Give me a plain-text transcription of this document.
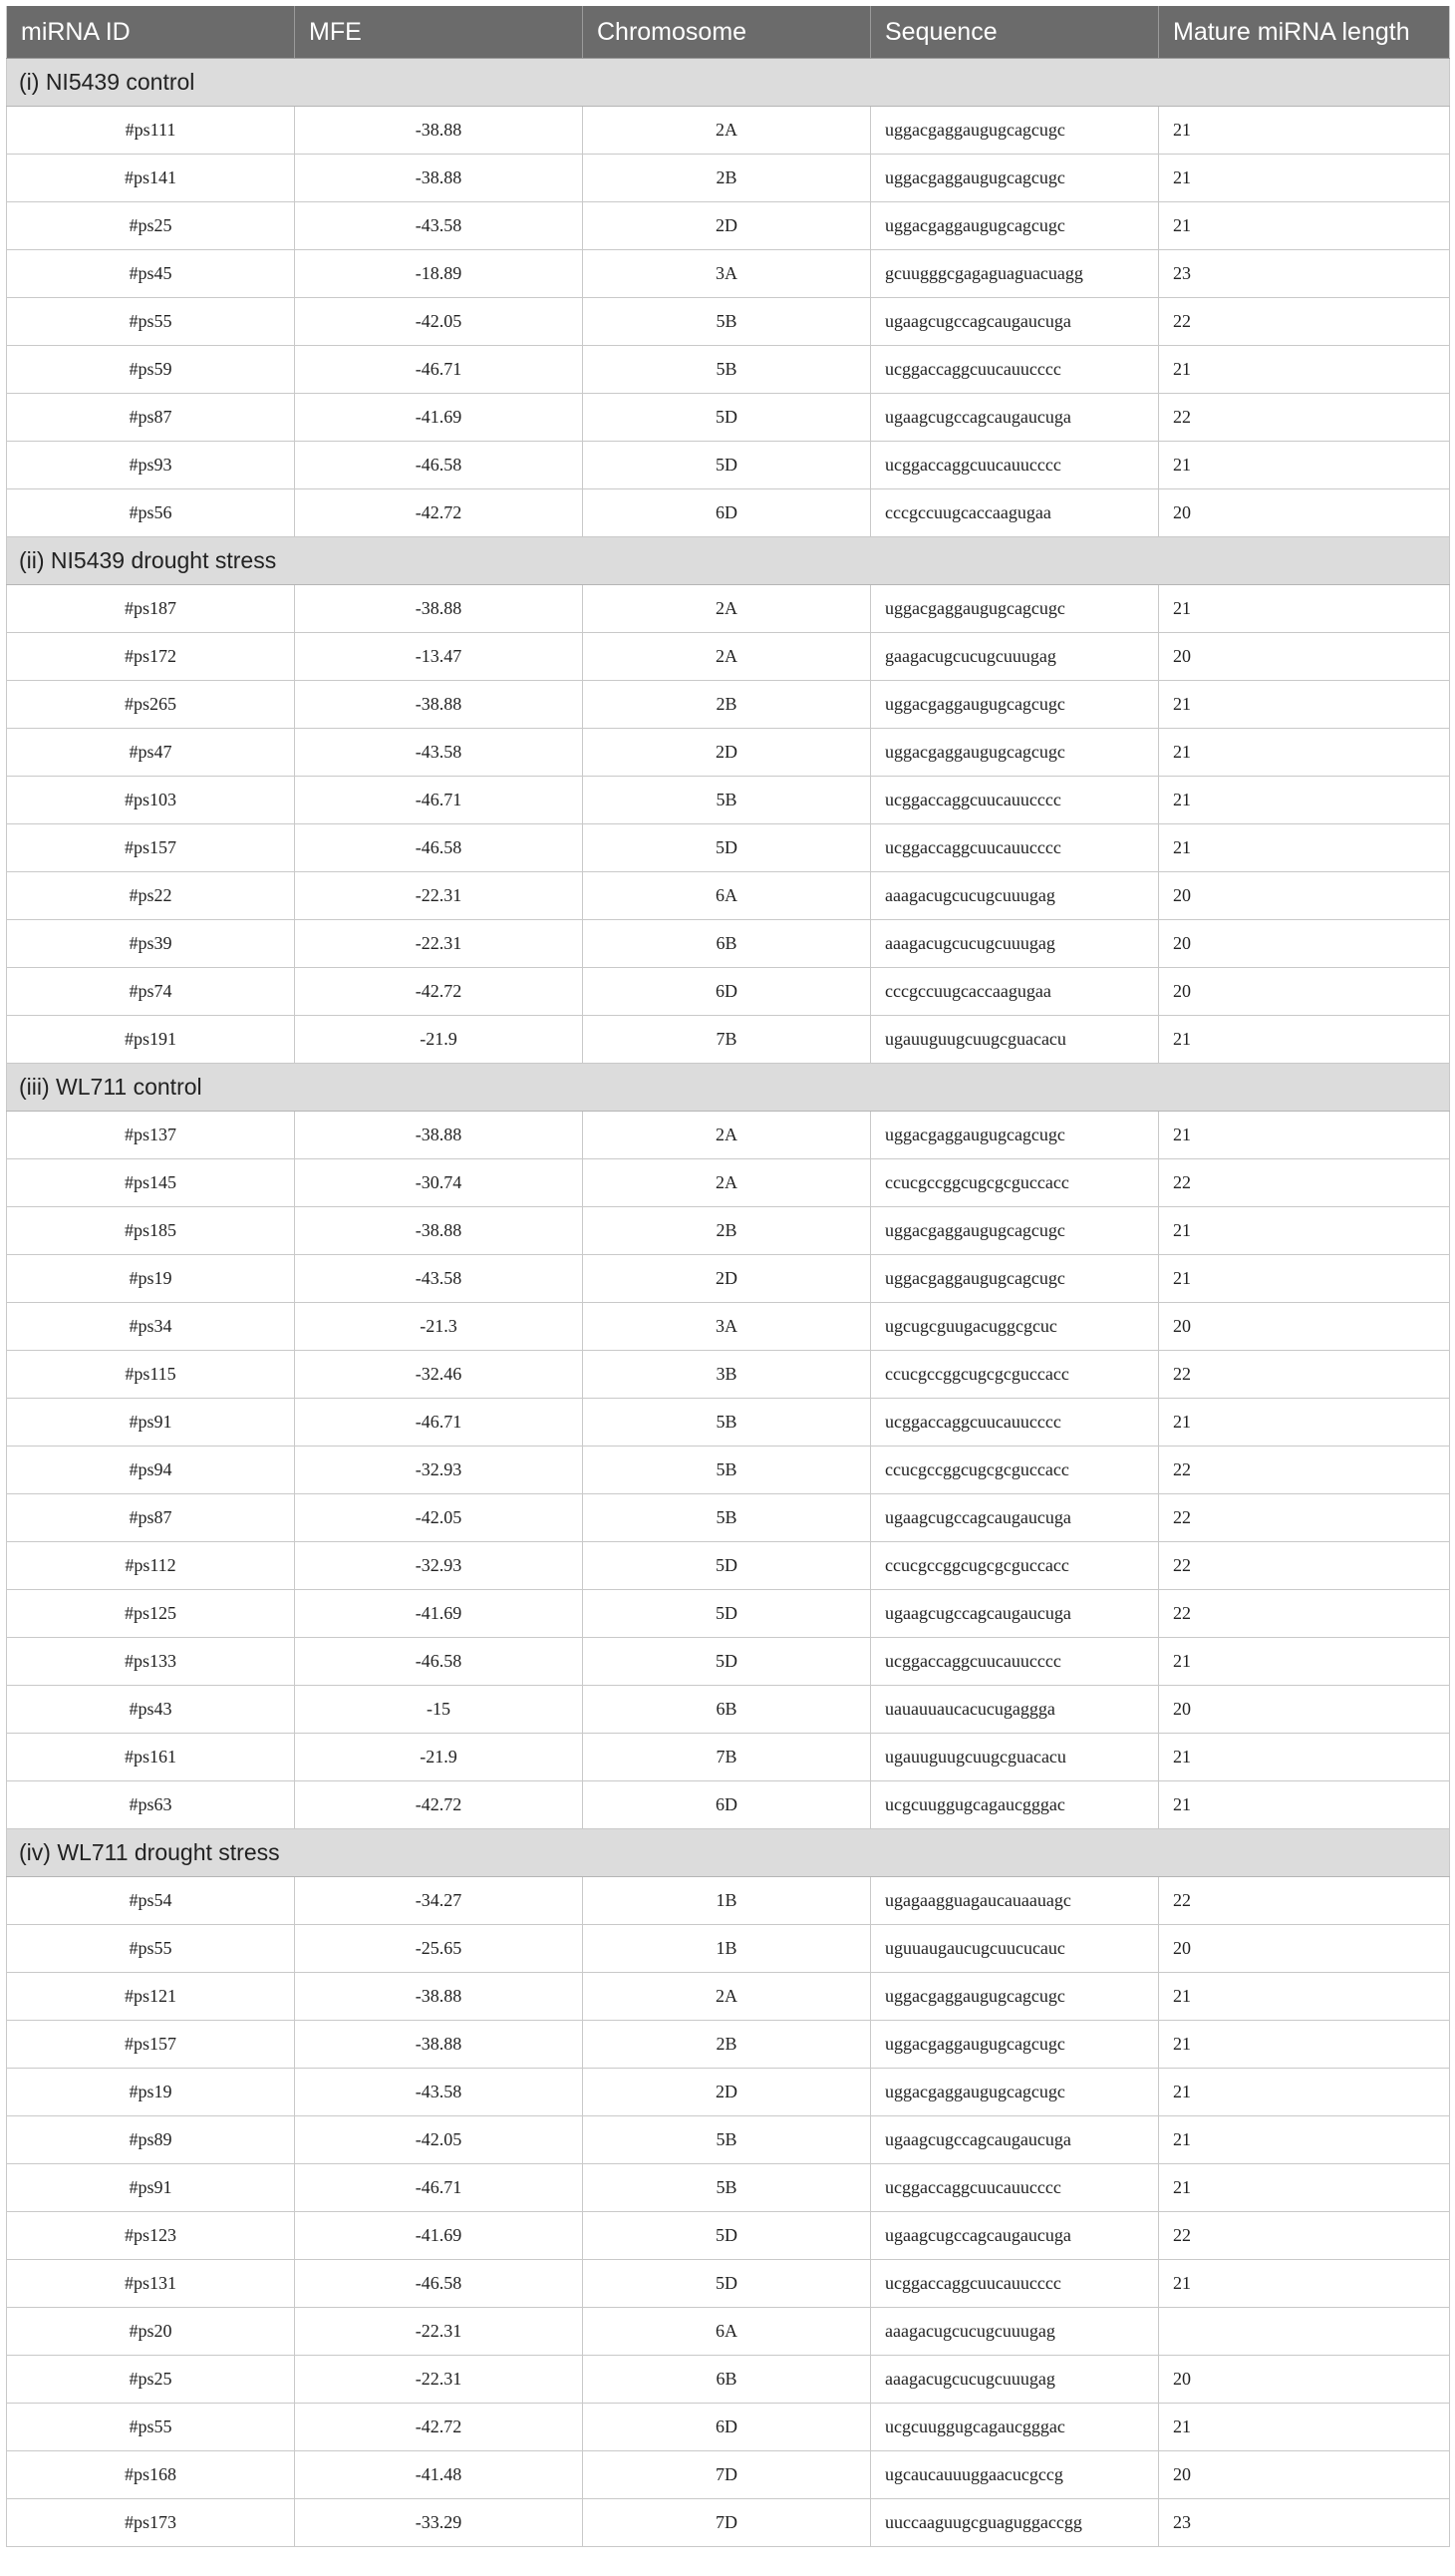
miRNA ID	MFE	Chromosome	Sequence	Mature miRNA length
(i) NI5439 control				
#ps111	-38.88	2A	uggacgaggaugugcagcugc	21
#ps141	-38.88	2B	uggacgaggaugugcagcugc	21
#ps25	-43.58	2D	uggacgaggaugugcagcugc	21
#ps45	-18.89	3A	gcuugggcgagaguaguacuagg	23
#ps55	-42.05	5B	ugaagcugccagcaugaucuga	22
#ps59	-46.71	5B	ucggaccaggcuucauucccc	21
#ps87	-41.69	5D	ugaagcugccagcaugaucuga	22
#ps93	-46.58	5D	ucggaccaggcuucauucccc	21
#ps56	-42.72	6D	cccgccuugcaccaagugaa	20
(ii) NI5439 drought stress				
#ps187	-38.88	2A	uggacgaggaugugcagcugc	21
#ps172	-13.47	2A	gaagacugcucugcuuugag	20
#ps265	-38.88	2B	uggacgaggaugugcagcugc	21
#ps47	-43.58	2D	uggacgaggaugugcagcugc	21
#ps103	-46.71	5B	ucggaccaggcuucauucccc	21
#ps157	-46.58	5D	ucggaccaggcuucauucccc	21
#ps22	-22.31	6A	aaagacugcucugcuuugag	20
#ps39	-22.31	6B	aaagacugcucugcuuugag	20
#ps74	-42.72	6D	cccgccuugcaccaagugaa	20
#ps191	-21.9	7B	ugauuguugcuugcguacacu	21
(iii) WL711 control				
#ps137	-38.88	2A	uggacgaggaugugcagcugc	21
#ps145	-30.74	2A	ccucgccggcugcgcguccacc	22
#ps185	-38.88	2B	uggacgaggaugugcagcugc	21
#ps19	-43.58	2D	uggacgaggaugugcagcugc	21
#ps34	-21.3	3A	ugcugcguugacuggcgcuc	20
#ps115	-32.46	3B	ccucgccggcugcgcguccacc	22
#ps91	-46.71	5B	ucggaccaggcuucauucccc	21
#ps94	-32.93	5B	ccucgccggcugcgcguccacc	22
#ps87	-42.05	5B	ugaagcugccagcaugaucuga	22
#ps112	-32.93	5D	ccucgccggcugcgcguccacc	22
#ps125	-41.69	5D	ugaagcugccagcaugaucuga	22
#ps133	-46.58	5D	ucggaccaggcuucauucccc	21
#ps43	-15	6B	uauauuaucacucugaggga	20
#ps161	-21.9	7B	ugauuguugcuugcguacacu	21
#ps63	-42.72	6D	ucgcuuggugcagaucgggac	21
(iv) WL711 drought stress				
#ps54	-34.27	1B	ugagaagguagaucauaauagc	22
#ps55	-25.65	1B	uguuaugaucugcuucucauc	20
#ps121	-38.88	2A	uggacgaggaugugcagcugc	21
#ps157	-38.88	2B	uggacgaggaugugcagcugc	21
#ps19	-43.58	2D	uggacgaggaugugcagcugc	21
#ps89	-42.05	5B	ugaagcugccagcaugaucuga	21
#ps91	-46.71	5B	ucggaccaggcuucauucccc	21
#ps123	-41.69	5D	ugaagcugccagcaugaucuga	22
#ps131	-46.58	5D	ucggaccaggcuucauucccc	21
#ps20	-22.31	6A	aaagacugcucugcuuugag	
#ps25	-22.31	6B	aaagacugcucugcuuugag	20
#ps55	-42.72	6D	ucgcuuggugcagaucgggac	21
#ps168	-41.48	7D	ugcaucauuuggaacucgccg	20
#ps173	-33.29	7D	uuccaaguugcguaguggaccgg	23
